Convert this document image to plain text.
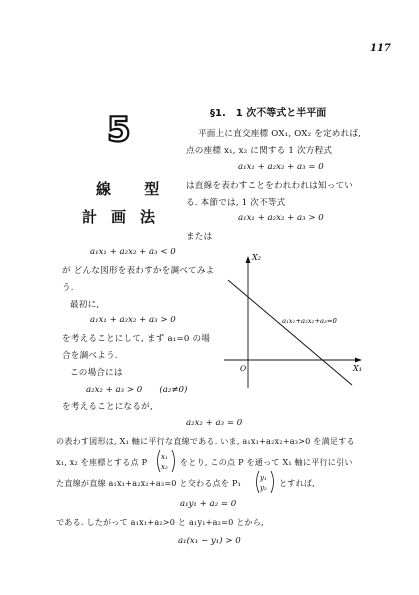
117
5
線 型
計画法
§1.　1 次不等式と半平面
平面上に直交座標 OX₁, OX₂ を定めれば,
点の座標 x₁, x₂ に関する 1 次方程式
a₁x₁ + a₂x₂ + a₃ = 0
は直線を表わすことをわれわれは知ってい
る. 本節では, 1 次不等式
a₁x₁ + a₂x₂ + a₃ > 0
または
a₁x₁ + a₂x₂ + a₃ < 0
が どんな図形を表わすかを調べてみよ
う.
最初に,
a₁x₁ + a₂x₂ + a₃ > 0
を考えることにして, まず a₁=0 の場
合を調べよう.
この場合には
a₂x₂ + a₃ > 0　　(a₂≠0)
を考えることになるが,
X₂
X₁
O
a₁x₁+a₂x₂+a₃=0
a₂x₂ + a₃ = 0
の表わす図形は, X₁ 軸に平行な直線である. いま, a₁x₁+a₂x₂+a₃>0 を満足する
x₁, x₂ を座標とする点 P x₁
x₂ をとり, この点 P を通って X₁ 軸に平行に引い
た直線が直線 a₁x₁+a₂x₂+a₃=0 と交わる点を P₁	y₁
y₂ とすれば,
a₁y₁ + a₂ = 0
である. したがって a₁x₁+a₂>0 と a₁y₁+a₂=0 とから,
a₁(x₁ − y₁) > 0
